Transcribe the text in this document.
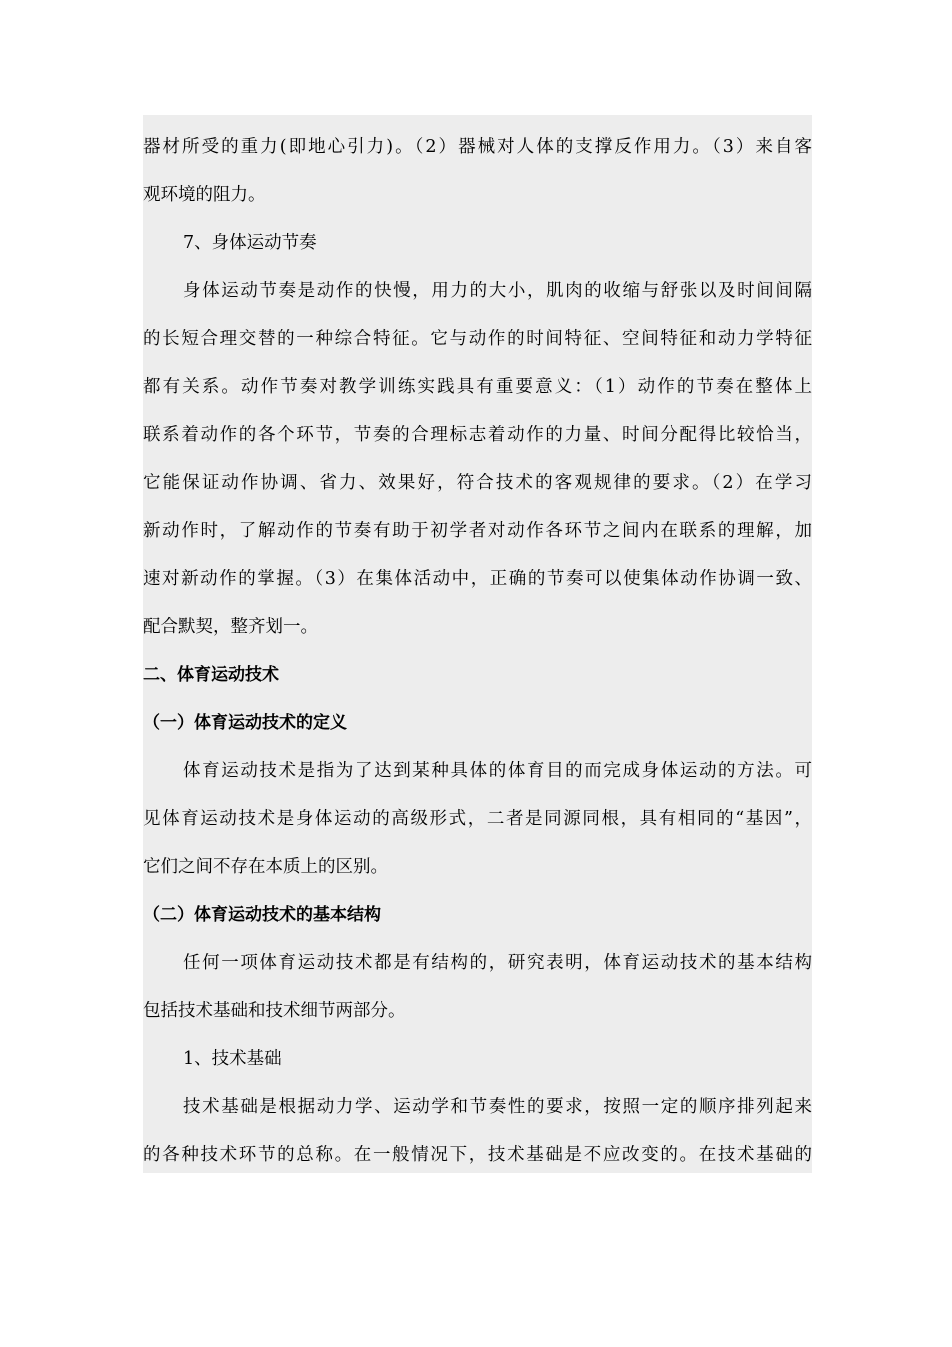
器材所受的重力(即地心引力)。（2）器械对人体的支撑反作用力。（3）来自客
观环境的阻力。
7、身体运动节奏
身体运动节奏是动作的快慢，用力的大小，肌肉的收缩与舒张以及时间间隔
的长短合理交替的一种综合特征。它与动作的时间特征、空间特征和动力学特征
都有关系。动作节奏对教学训练实践具有重要意义：（1）动作的节奏在整体上
联系着动作的各个环节，节奏的合理标志着动作的力量、时间分配得比较恰当，
它能保证动作协调、省力、效果好，符合技术的客观规律的要求。（2）在学习
新动作时，了解动作的节奏有助于初学者对动作各环节之间内在联系的理解，加
速对新动作的掌握。（3）在集体活动中，正确的节奏可以使集体动作协调一致、
配合默契，整齐划一。
二、体育运动技术
（一）体育运动技术的定义
体育运动技术是指为了达到某种具体的体育目的而完成身体运动的方法。可
见体育运动技术是身体运动的高级形式，二者是同源同根，具有相同的“基因”，
它们之间不存在本质上的区别。
（二）体育运动技术的基本结构
任何一项体育运动技术都是有结构的，研究表明，体育运动技术的基本结构
包括技术基础和技术细节两部分。
1、技术基础
技术基础是根据动力学、运动学和节奏性的要求，按照一定的顺序排列起来
的各种技术环节的总称。在一般情况下，技术基础是不应改变的。在技术基础的
